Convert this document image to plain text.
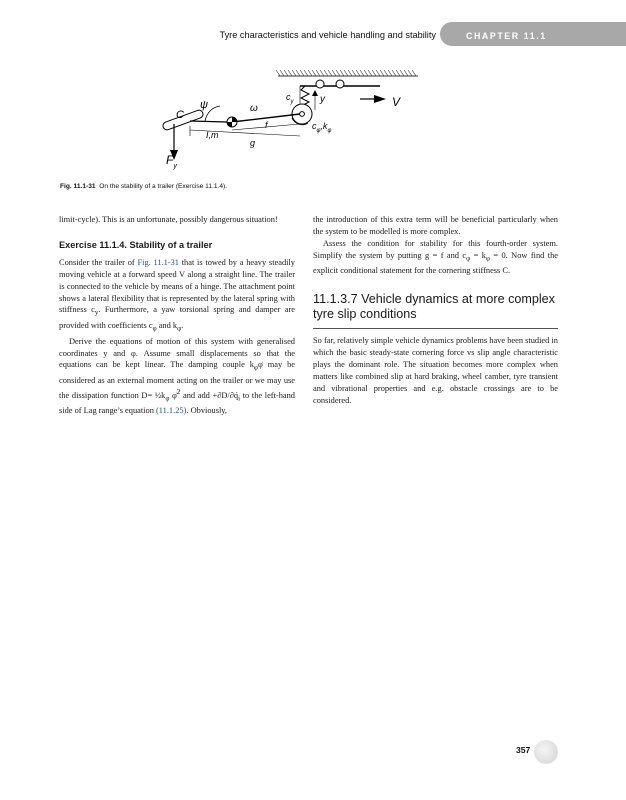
Tyre characteristics and vehicle handling and stability	CHAPTER 11.1
ψ	ω
C
$c_y$	y	V
I,m
f
g
$c_\varphi,k_\varphi$
$F_y$
Fig. 11.1-31 On the stability of a trailer (Exercise 11.1.4).

limit-cycle). This is an unfortunate, possibly dangerous situation!

Exercise 11.1.4. Stability of a trailer

Consider the trailer of Fig. 11.1-31 that is towed by a heavy steadily moving vehicle at a forward speed V along a straight line. The trailer is connected to the vehicle by means of a hinge. The attachment point shows a lateral flexibility that is represented by the lateral spring with stiffness $c_y$. Furthermore, a yaw torsional spring and damper are provided with coefficients $c_\varphi$ and $k_\varphi$.

Derive the equations of motion of this system with generalised coordinates y and φ. Assume small displacements so that the equations can be kept linear. The damping couple $k_\varphi\varphi̇$ may be considered as an external moment acting on the trailer or we may use the dissipation function $D= \frac{1}{2}k_\varphi$ φ̇$^2$ and add $+\partial D/\partial q̇_i$ to the left-hand side of Lag range’s equation (11.1.25). Obviously,

the introduction of this extra term will be beneficial particularly when the system to be modelled is more complex.

Assess the condition for stability for this fourth-order system. Simplify the system by putting g = f and $c_\varphi = k_\varphi = 0$. Now find the explicit conditional statement for the cornering stiffness C.

11.1.3.7 Vehicle dynamics at more complex tyre slip conditions

So far, relatively simple vehicle dynamics problems have been studied in which the basic steady-state cornering force vs slip angle characteristic plays the dominant role. The situation becomes more complex when matters like combined slip at hard braking, wheel camber, tyre transient and vibrational properties and e.g. obstacle crossings are to be considered.

357
